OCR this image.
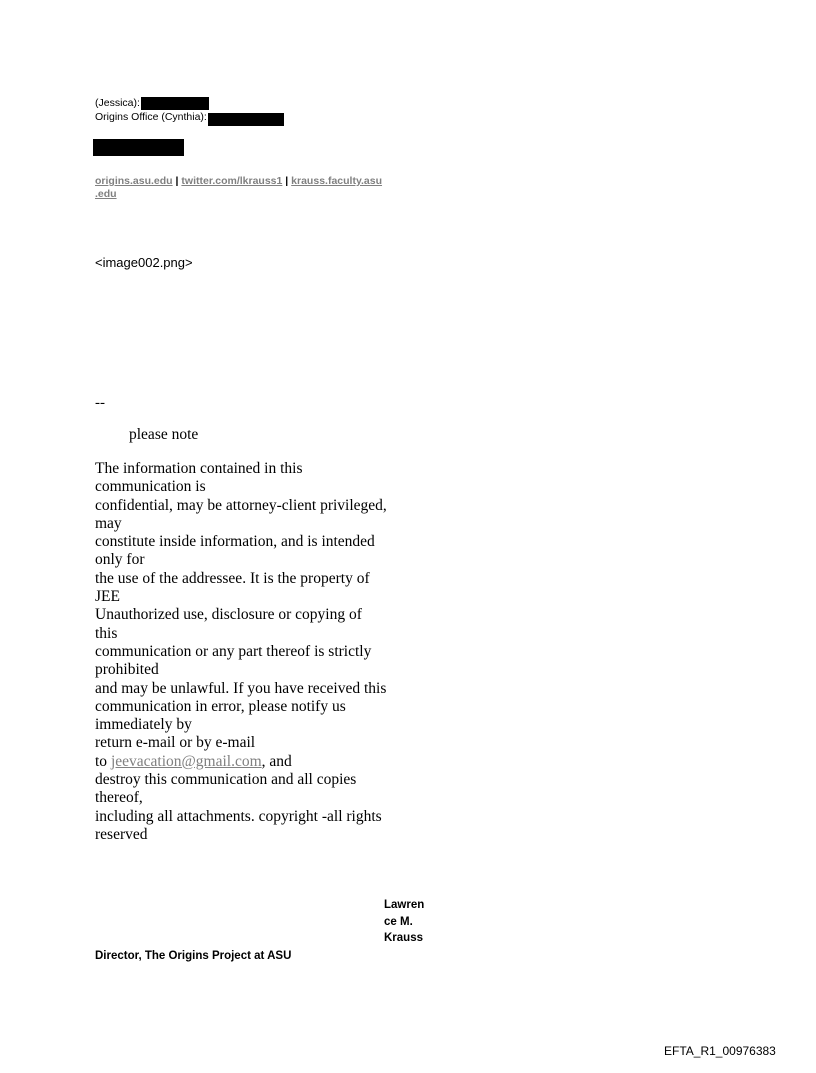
(Jessica):
Origins Office (Cynthia):
origins.asu.edu | twitter.com/lkrauss1 | krauss.faculty.asu
.edu
<image002.png>
--
please note
The information contained in this
communication is
confidential, may be attorney-client privileged,
may
constitute inside information, and is intended
only for
the use of the addressee. It is the property of
JEE
Unauthorized use, disclosure or copying of
this
communication or any part thereof is strictly
prohibited
and may be unlawful. If you have received this
communication in error, please notify us
immediately by
return e-mail or by e-mail
to jeevacation@gmail.com, and
destroy this communication and all copies
thereof,
including all attachments. copyright -all rights
reserved
Lawren
ce M.
Krauss
Director, The Origins Project at ASU
EFTA_R1_00976383
